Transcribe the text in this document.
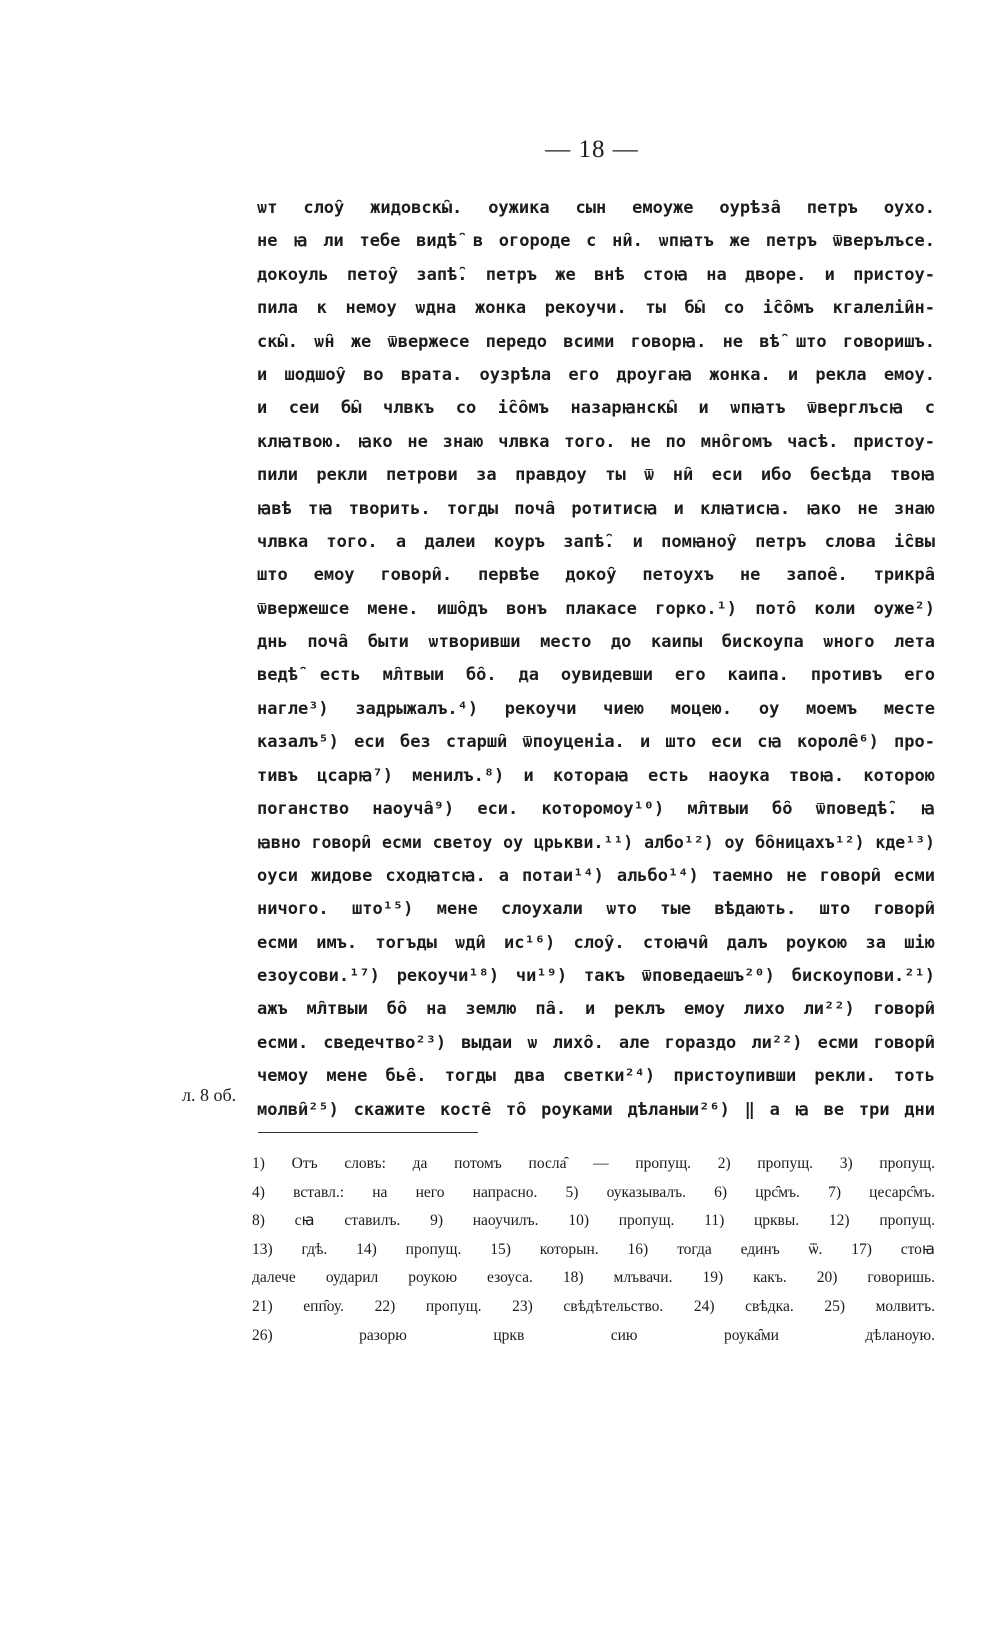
— 18 —
ѡт слоу̑ жидовскы̑. оужика сын емоуже оурѣза̑ петръ оухо.
не ꙗ ли тебе видѣ̑ в огороде с ни̑. ѡпꙗтъ же петръ ѿверълъсе.
докоуль петоу̑ запѣ̑. петръ же внѣ стоꙗ на дворе. и пристоу-
пила к немоу ѡдна жонка рекоучи. ты бы̑ со і̑со̑мъ кгалеліи̑н-
скы̑. ѡн̑ же ѿвержесе передо всими говорꙗ. не вѣ̑ што говоришъ.
и шодшоу̑ во врата. оузрѣла его дроугаꙗ жонка. и рекла емоу.
и сеи бы̑ члвкъ со і̑со̑мъ назарꙗнскы̑ и ѡпꙗтъ ѿверглъсꙗ с
клꙗтвою. ꙗко не знаю члвка того. не по мно̑гомъ часѣ. пристоу-
пили рекли петрови за правдоу ты ѿ ни̑ еси ибо бесѣда твоꙗ
ꙗвѣ тꙗ творить. тогды поча̑ ротитисꙗ и клꙗтисꙗ. ꙗко не знаю
члвка того. а далеи коуръ запѣ̑. и помꙗноу̑ петръ слова і̑свы
што емоу говори̑. первѣе докоу̑ петоухъ не запое̑. трикра̑
ѿвержешсе мене. ишо̑дъ вонъ плакасе горко.¹) пото̑ коли оуже²)
днь поча̑ быти ѡтворивши место до каипы бискоупа ѡного лета
ведѣ̑ есть мл̑твыи бо̑. да оувидевши его каипа. противъ его
нагле³) задрыжалъ.⁴) рекоучи чиею моцею. оу моемъ месте
казалъ⁵) еси без старши̑ ѿпоуценіа. и што еси сꙗ короле̑⁶) про-
тивъ цсарꙗ⁷) менилъ.⁸) и котораꙗ есть наоука твоꙗ. которою
поганство наоуча̑⁹) еси. которомоу¹⁰) мл̑твыи бо̑ ѿповедѣ̑. ꙗ
ꙗвно говори̑ есми светоу оу црькви.¹¹) албо¹²) оу бо̑ницахъ¹²) кде¹³)
оуси жидове сходꙗтсꙗ. а потаи¹⁴) альбо¹⁴) таемно не говори̑ есми
ничого. што¹⁵) мене слоухали ѡто тые вѣдають. што говори̑
есми имъ. тогъды ѡди̑ ис¹⁶) слоу̑. стоꙗчи̑ далъ роукою за шію
езоусови.¹⁷) рекоучи¹⁸) чи¹⁹) такъ ѿповедаешъ²⁰) бискоупови.²¹)
ажъ мл̑твыи бо̑ на землю па̑. и реклъ емоу лихо ли²²) говори̑
есми. сведечтво²³) выдаи ѡ лихо̑. але гораздо ли²²) есми говори̑
чемоу мене бье̑. тогды два светки²⁴) пристоупивши рекли. тоть
молви̑²⁵) скажите косте̑ то̑ роуками дѣланыи²⁶) ‖ а ꙗ ве три дни
л. 8 об.
1) Отъ словъ: да потомъ посла̑ — пропущ. 2) пропущ. 3) пропущ.
4) вставл.: на него напрасно. 5) оуказывалъ. 6) црс̑мъ. 7) цесарс̑мъ.
8) сꙗ ставилъ. 9) наоучилъ. 10) пропущ. 11) црквы. 12) пропущ.
13) гдѣ. 14) пропущ. 15) которын. 16) тогда единъ ѿ. 17) стоꙗ
далече оударил роукою езоуса. 18) млъвачи. 19) какъ. 20) говоришь.
21) епп̑оу. 22) пропущ. 23) свѣдѣтельство. 24) свѣдка. 25) молвитъ.
26) разорю цркв сию роука̑ми дѣланоую.
